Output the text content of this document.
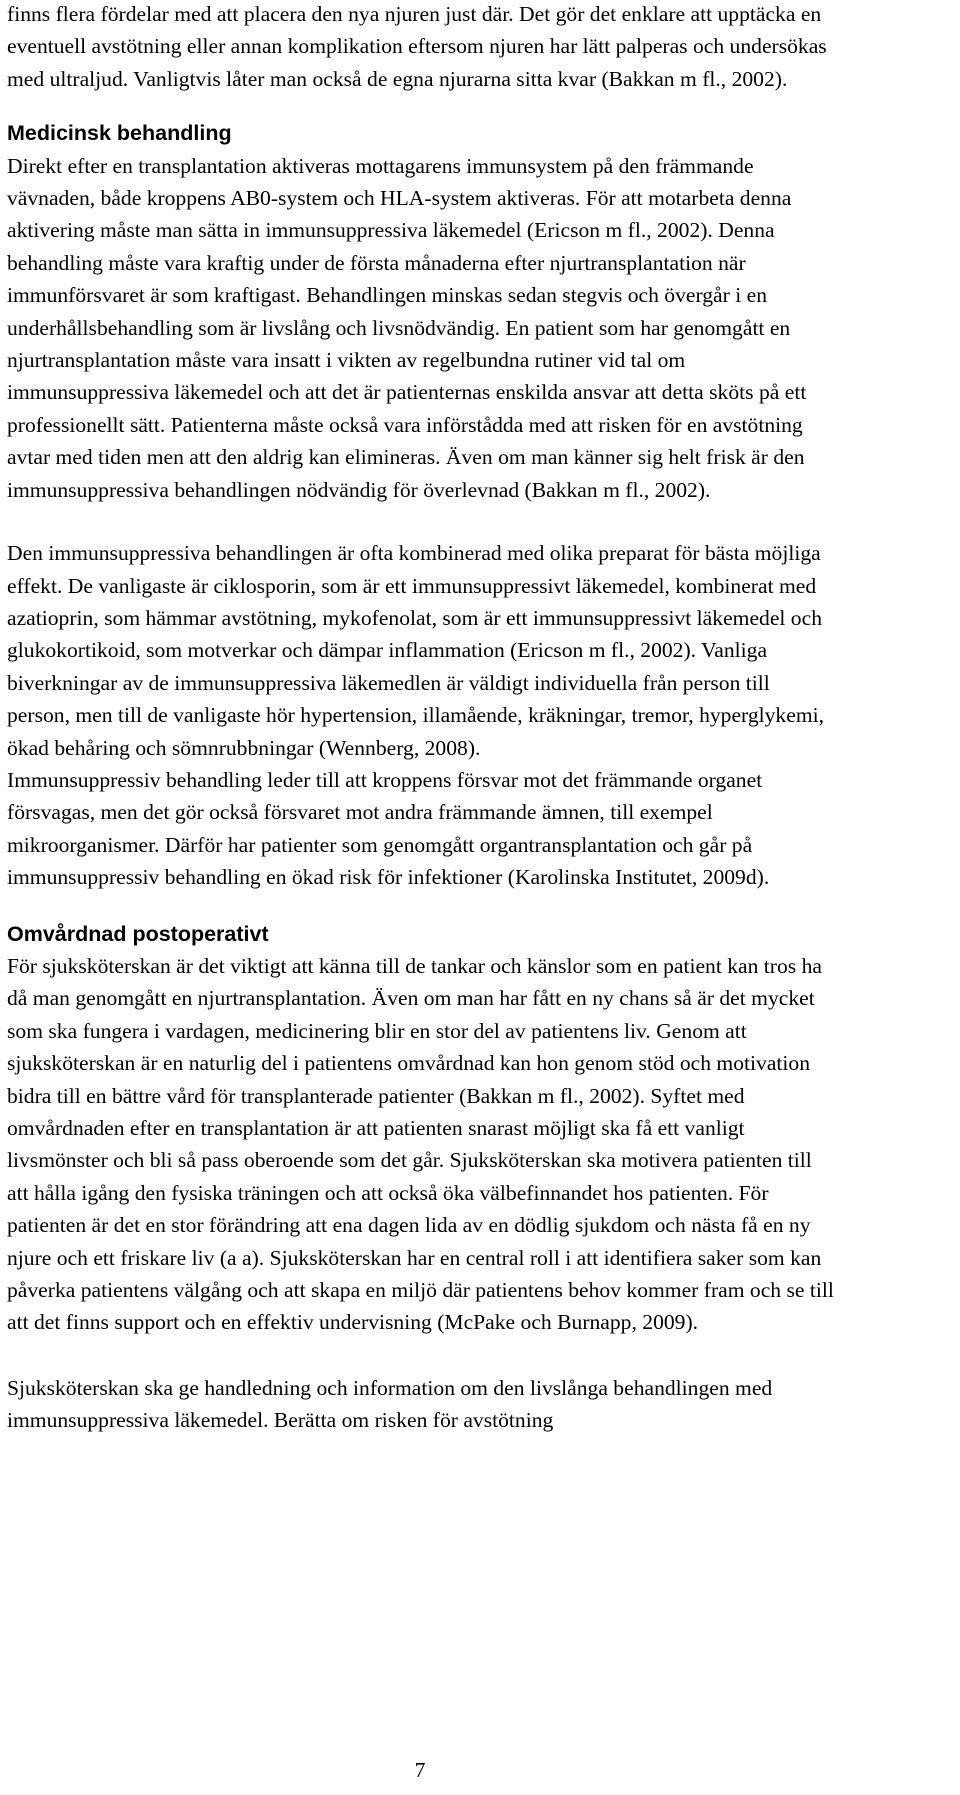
finns flera fördelar med att placera den nya njuren just där. Det gör det enklare att upptäcka en eventuell avstötning eller annan komplikation eftersom njuren har lätt palperas och undersökas med ultraljud. Vanligtvis låter man också de egna njurarna sitta kvar (Bakkan m fl., 2002).

Medicinsk behandling

Direkt efter en transplantation aktiveras mottagarens immunsystem på den främmande vävnaden, både kroppens AB0-system och HLA-system aktiveras. För att motarbeta denna aktivering måste man sätta in immunsuppressiva läkemedel (Ericson m fl., 2002). Denna behandling måste vara kraftig under de första månaderna efter njurtransplantation när immunförsvaret är som kraftigast. Behandlingen minskas sedan stegvis och övergår i en underhållsbehandling som är livslång och livsnödvändig. En patient som har genomgått en njurtransplantation måste vara insatt i vikten av regelbundna rutiner vid tal om immunsuppressiva läkemedel och att det är patienternas enskilda ansvar att detta sköts på ett professionellt sätt. Patienterna måste också vara införstådda med att risken för en avstötning avtar med tiden men att den aldrig kan elimineras. Även om man känner sig helt frisk är den immunsuppressiva behandlingen nödvändig för överlevnad (Bakkan m fl., 2002).

Den immunsuppressiva behandlingen är ofta kombinerad med olika preparat för bästa möjliga effekt. De vanligaste är ciklosporin, som är ett immunsuppressivt läkemedel, kombinerat med azatioprin, som hämmar avstötning, mykofenolat, som är ett immunsuppressivt läkemedel och glukokortikoid, som motverkar och dämpar inflammation (Ericson m fl., 2002). Vanliga biverkningar av de immunsuppressiva läkemedlen är väldigt individuella från person till person, men till de vanligaste hör hypertension, illamående, kräkningar, tremor, hyperglykemi, ökad behåring och sömnrubbningar (Wennberg, 2008).

Immunsuppressiv behandling leder till att kroppens försvar mot det främmande organet försvagas, men det gör också försvaret mot andra främmande ämnen, till exempel mikroorganismer. Därför har patienter som genomgått organtransplantation och går på immunsuppressiv behandling en ökad risk för infektioner (Karolinska Institutet, 2009d).

Omvårdnad postoperativt

För sjuksköterskan är det viktigt att känna till de tankar och känslor som en patient kan tros ha då man genomgått en njurtransplantation. Även om man har fått en ny chans så är det mycket som ska fungera i vardagen, medicinering blir en stor del av patientens liv. Genom att sjuksköterskan är en naturlig del i patientens omvårdnad kan hon genom stöd och motivation bidra till en bättre vård för transplanterade patienter (Bakkan m fl., 2002). Syftet med omvårdnaden efter en transplantation är att patienten snarast möjligt ska få ett vanligt livsmönster och bli så pass oberoende som det går. Sjuksköterskan ska motivera patienten till att hålla igång den fysiska träningen och att också öka välbefinnandet hos patienten. För patienten är det en stor förändring att ena dagen lida av en dödlig sjukdom och nästa få en ny njure och ett friskare liv (a a). Sjuksköterskan har en central roll i att identifiera saker som kan påverka patientens välgång och att skapa en miljö där patientens behov kommer fram och se till att det finns support och en effektiv undervisning (McPake och Burnapp, 2009).

Sjuksköterskan ska ge handledning och information om den livslånga behandlingen med immunsuppressiva läkemedel. Berätta om risken för avstötning

7
